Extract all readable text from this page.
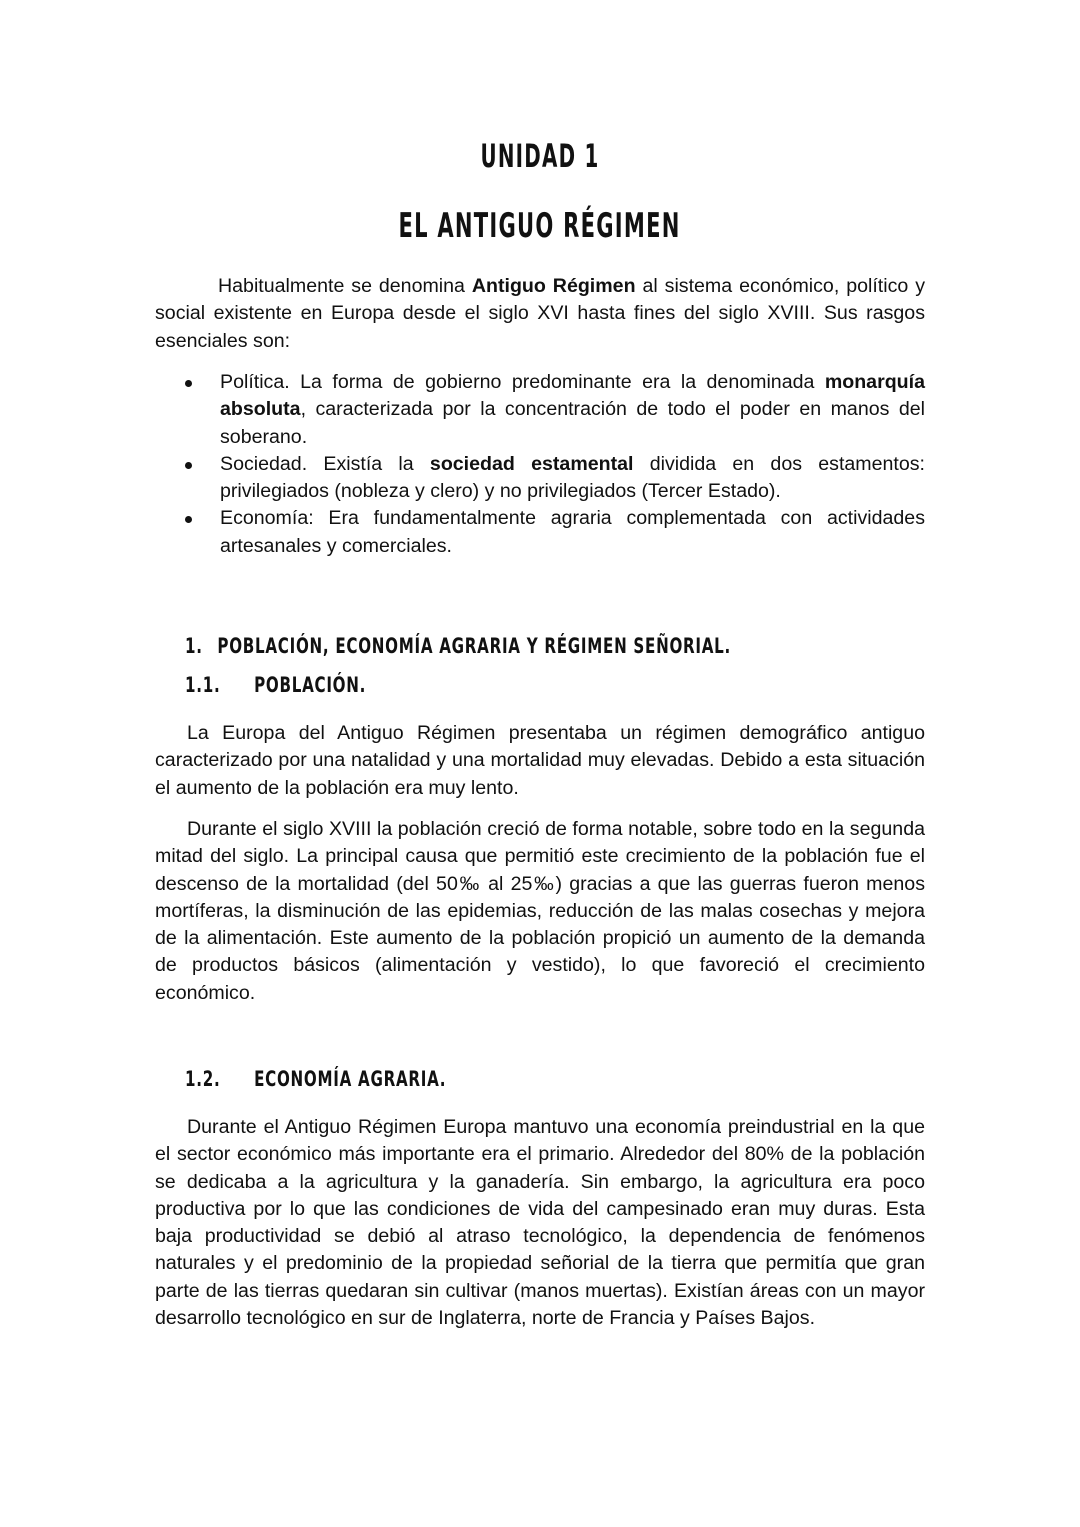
UNIDAD 1
EL ANTIGUO RÉGIMEN

Habitualmente se denomina Antiguo Régimen al sistema económico, político y social existente en Europa desde el siglo XVI hasta fines del siglo XVIII. Sus rasgos esenciales son:

Política. La forma de gobierno predominante era la denominada monarquía absoluta, caracterizada por la concentración de todo el poder en manos del soberano.
Sociedad. Existía la sociedad estamental dividida en dos estamentos: privilegiados (nobleza y clero) y no privilegiados (Tercer Estado).
Economía: Era fundamentalmente agraria complementada con actividades artesanales y comerciales.
1. POBLACIÓN, ECONOMÍA AGRARIA Y RÉGIMEN SEÑORIAL.
1.1. POBLACIÓN.

La Europa del Antiguo Régimen presentaba un régimen demográfico antiguo caracterizado por una natalidad y una mortalidad muy elevadas. Debido a esta situación el aumento de la población era muy lento.

Durante el siglo XVIII la población creció de forma notable, sobre todo en la segunda mitad del siglo. La principal causa que permitió este crecimiento de la población fue el descenso de la mortalidad (del 50‰ al 25‰) gracias a que las guerras fueron menos mortíferas, la disminución de las epidemias, reducción de las malas cosechas y mejora de la alimentación. Este aumento de la población propició un aumento de la demanda de productos básicos (alimentación y vestido), lo que favoreció el crecimiento económico.

1.2. ECONOMÍA AGRARIA.

Durante el Antiguo Régimen Europa mantuvo una economía preindustrial en la que el sector económico más importante era el primario. Alrededor del 80% de la población se dedicaba a la agricultura y la ganadería. Sin embargo, la agricultura era poco productiva por lo que las condiciones de vida del campesinado eran muy duras. Esta baja productividad se debió al atraso tecnológico, la dependencia de fenómenos naturales y el predominio de la propiedad señorial de la tierra que permitía que gran parte de las tierras quedaran sin cultivar (manos muertas). Existían áreas con un mayor desarrollo tecnológico en sur de Inglaterra, norte de Francia y Países Bajos.
